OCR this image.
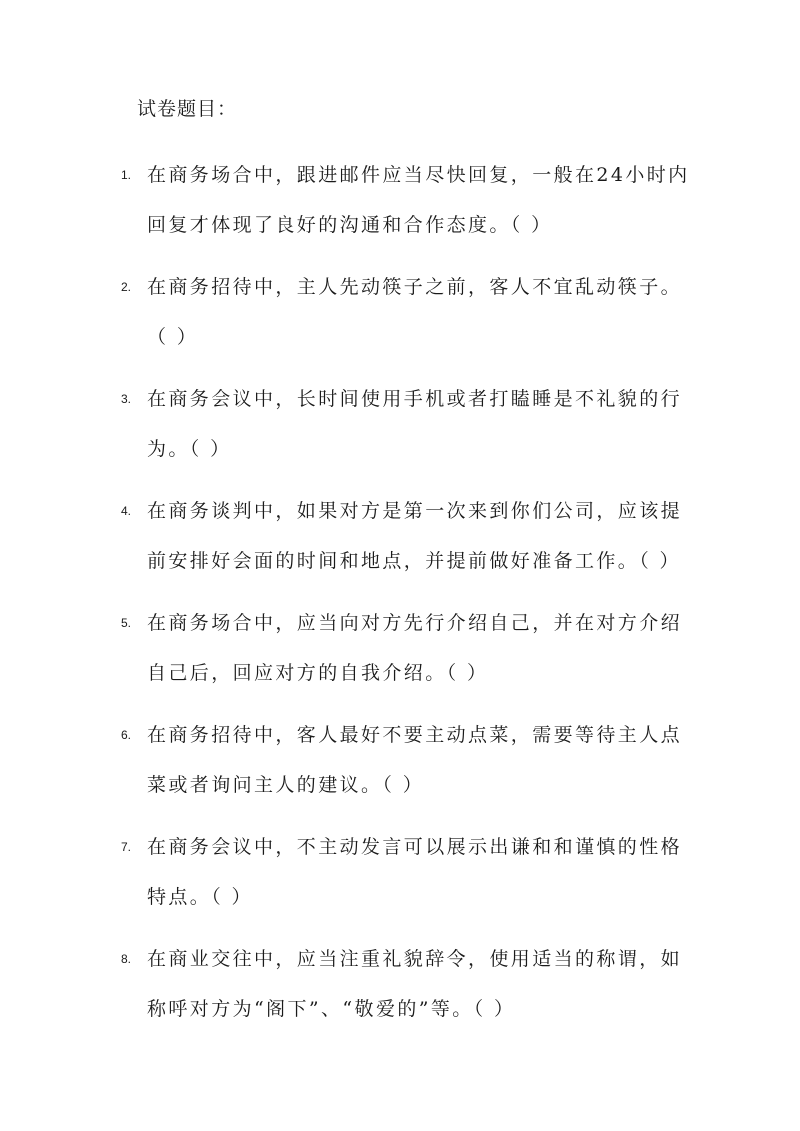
试卷题目：
1. 在商务场合中，跟进邮件应当尽快回复，一般在24小时内回复才体现了良好的沟通和合作态度。（ ）
2. 在商务招待中，主人先动筷子之前，客人不宜乱动筷子。（ ）
3. 在商务会议中，长时间使用手机或者打瞌睡是不礼貌的行为。（ ）
4. 在商务谈判中，如果对方是第一次来到你们公司，应该提前安排好会面的时间和地点，并提前做好准备工作。（ ）
5. 在商务场合中，应当向对方先行介绍自己，并在对方介绍自己后，回应对方的自我介绍。（ ）
6. 在商务招待中，客人最好不要主动点菜，需要等待主人点菜或者询问主人的建议。（ ）
7. 在商务会议中，不主动发言可以展示出谦和和谨慎的性格特点。（ ）
8. 在商业交往中，应当注重礼貌辞令，使用适当的称谓，如称呼对方为“阁下”、“敬爱的”等。（ ）
